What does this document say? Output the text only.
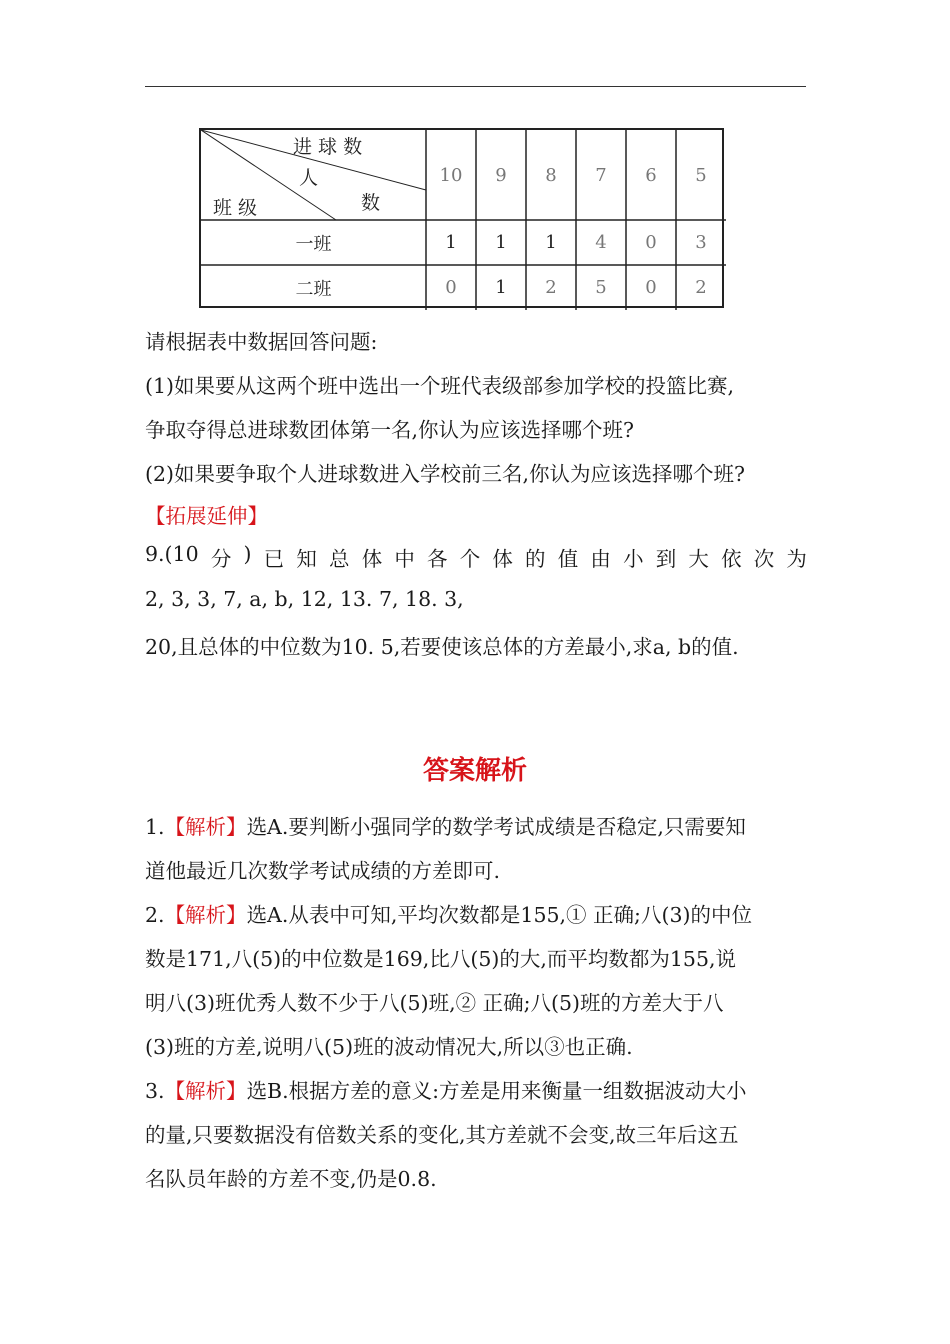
进 球 数
人
数
班 级
10	9	8	7	6	5
一班	1	1	1	4	0	3
二班	0	1	2	5	0	2
请根据表中数据回答问题:
(1)如果要从这两个班中选出一个班代表级部参加学校的投篮比赛,
争取夺得总进球数团体第一名,你认为应该选择哪个班?
(2)如果要争取个人进球数进入学校前三名,你认为应该选择哪个班?
【拓展延伸】
9.(10 分 ) 已 知 总 体 中 各 个 体 的 值 由 小 到 大 依 次 为
2, 3, 3, 7, a, b, 12, 13. 7, 18. 3,
20,且总体的中位数为10. 5,若要使该总体的方差最小,求a, b的值.
答案解析
1.【解析】选A.要判断小强同学的数学考试成绩是否稳定,只需要知
道他最近几次数学考试成绩的方差即可.
2.【解析】选A.从表中可知,平均次数都是155,① 正确;八(3)的中位
数是171,八(5)的中位数是169,比八(5)的大,而平均数都为155,说
明八(3)班优秀人数不少于八(5)班,② 正确;八(5)班的方差大于八
(3)班的方差,说明八(5)班的波动情况大,所以③也正确.
3.【解析】选B.根据方差的意义:方差是用来衡量一组数据波动大小
的量,只要数据没有倍数关系的变化,其方差就不会变,故三年后这五
名队员年龄的方差不变,仍是0.8.
